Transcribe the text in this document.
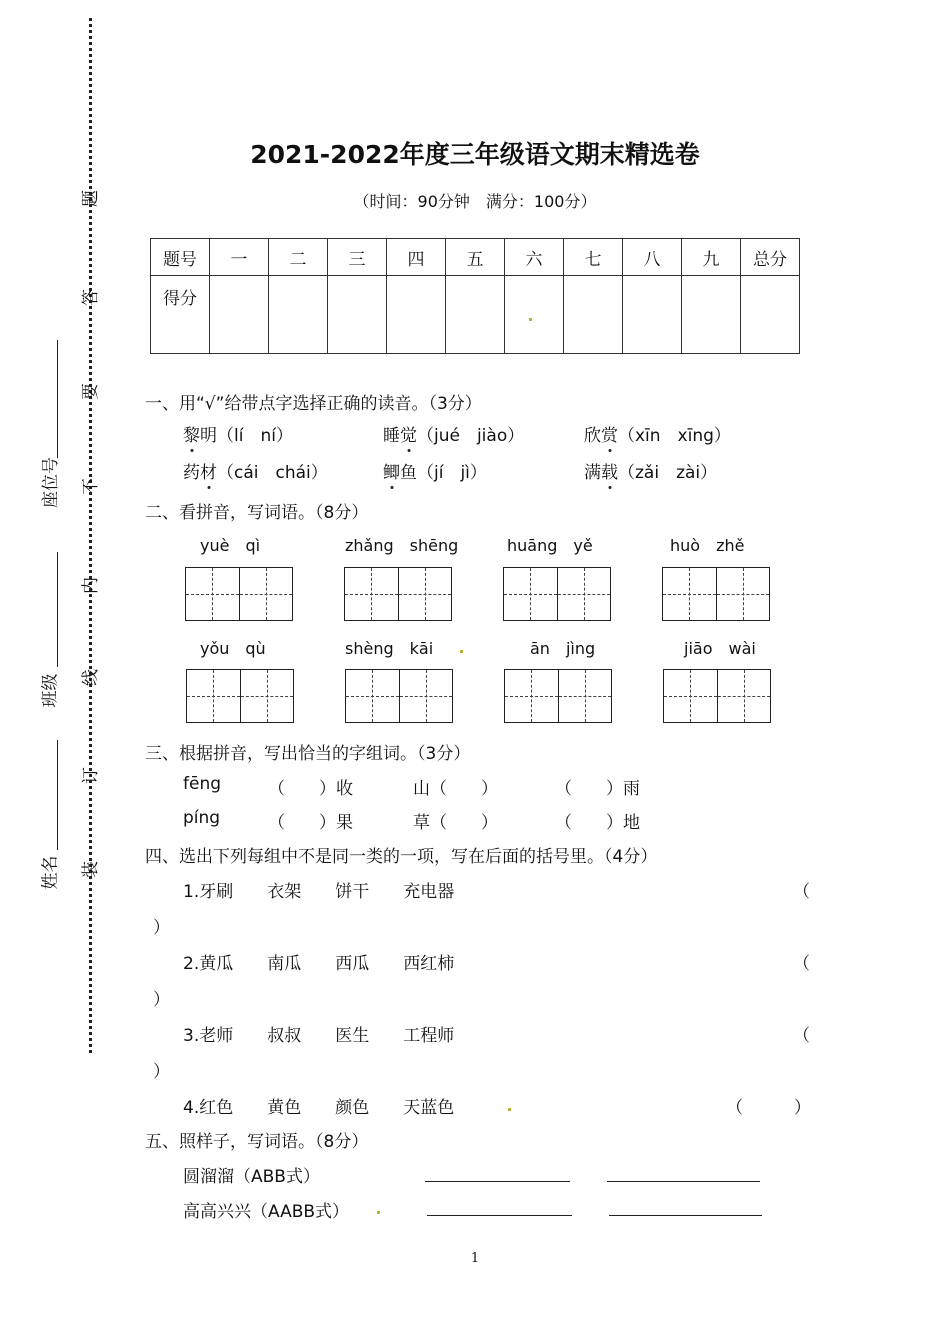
题
答
要
不
内
线
订
装
座位号
班级
姓名
2021-2022年度三年级语文期末精选卷
（时间：90分钟　满分：100分）
题号	一	二	三	四	五	六	七	八	九	总分
得分										
一、用“√”给带点字选择正确的读音。（3分）
黎明（lí　ní）	睡觉（jué　jiào）	欣赏（xīn　xīng）
药材（cái　chái）	鲫鱼（jí　jì）	满载（zǎi　zài）
二、看拼音，写词语。（8分）
yuè　qì	zhǎng　shēng	huāng　yě	huò　zhě
yǒu　qù	shèng　kāi	ān　jìng	jiāo　wài
三、根据拼音，写出恰当的字组词。（3分）
fēng	（　　）收	山（　　）	（　　）雨
píng	（　　）果	草（　　）	（　　）地
四、选出下列每组中不是同一类的一项，写在后面的括号里。（4分）
1.牙刷　　衣架　　饼干　　充电器	（
）
2.黄瓜　　南瓜　　西瓜　　西红柿	（
）
3.老师　　叔叔　　医生　　工程师	（
）
4.红色　　黄色　　颜色　　天蓝色	（　　　）
五、照样子，写词语。（8分）
圆溜溜（ABB式）
高高兴兴（AABB式）
1
